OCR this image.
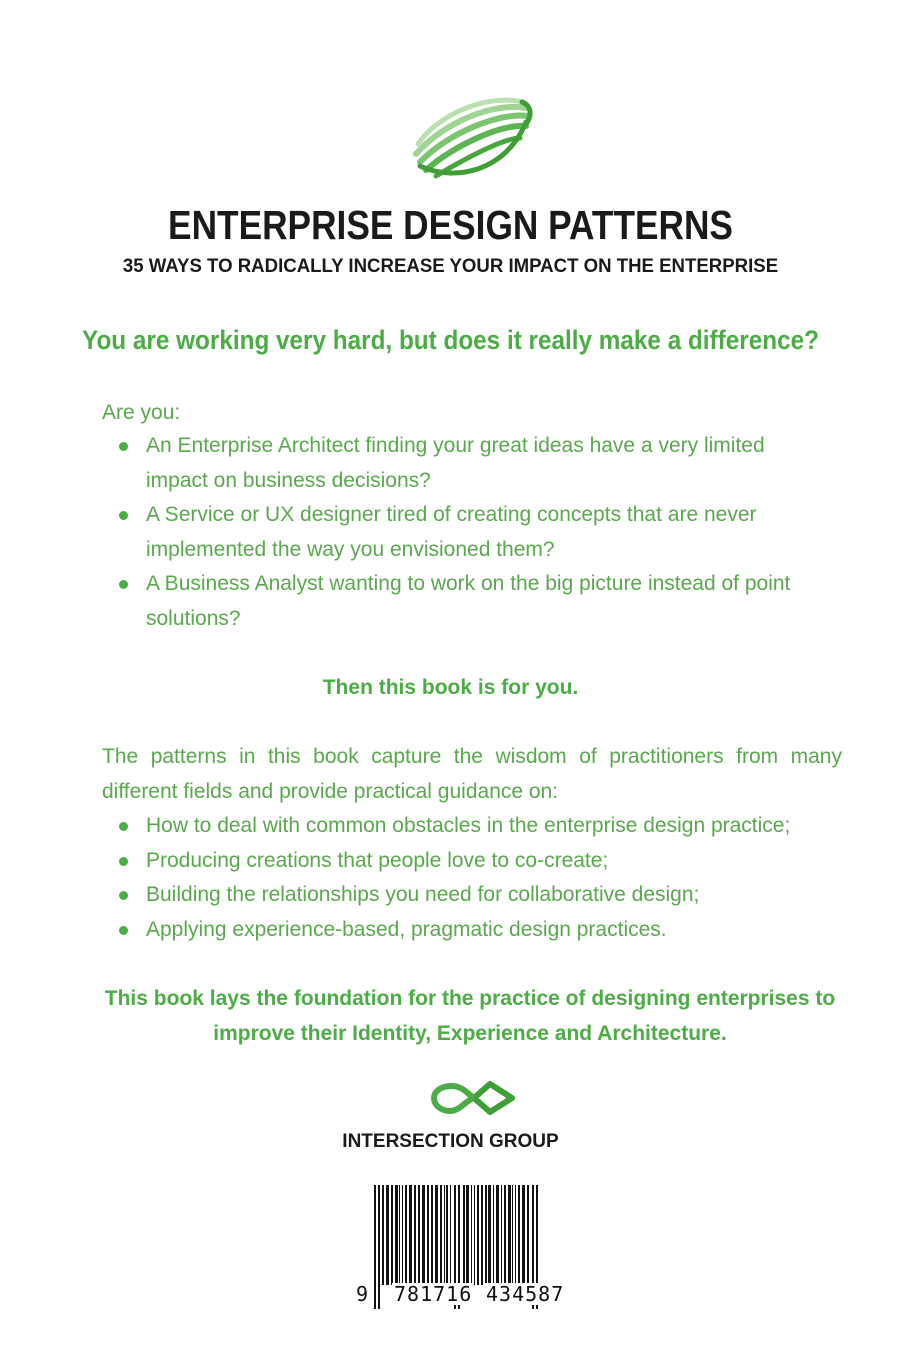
ENTERPRISE DESIGN PATTERNS
35 WAYS TO RADICALLY INCREASE YOUR IMPACT ON THE ENTERPRISE

You are working very hard, but does it really make a difference?

Are you:

An Enterprise Architect finding your great ideas have a very limited impact on business decisions?
A Service or UX designer tired of creating concepts that are never implemented the way you envisioned them?
A Business Analyst wanting to work on the big picture instead of point solutions?

Then this book is for you.

The patterns in this book capture the wisdom of practitioners from many different fields and provide practical guidance on:

How to deal with common obstacles in the enterprise design practice;
Producing creations that people love to co-create;
Building the relationships you need for collaborative design;
Applying experience-based, pragmatic design practices.

This book lays the foundation for the practice of designing enterprises to improve their Identity, Experience and Architecture.

INTERSECTION GROUP

9 781716 434587
